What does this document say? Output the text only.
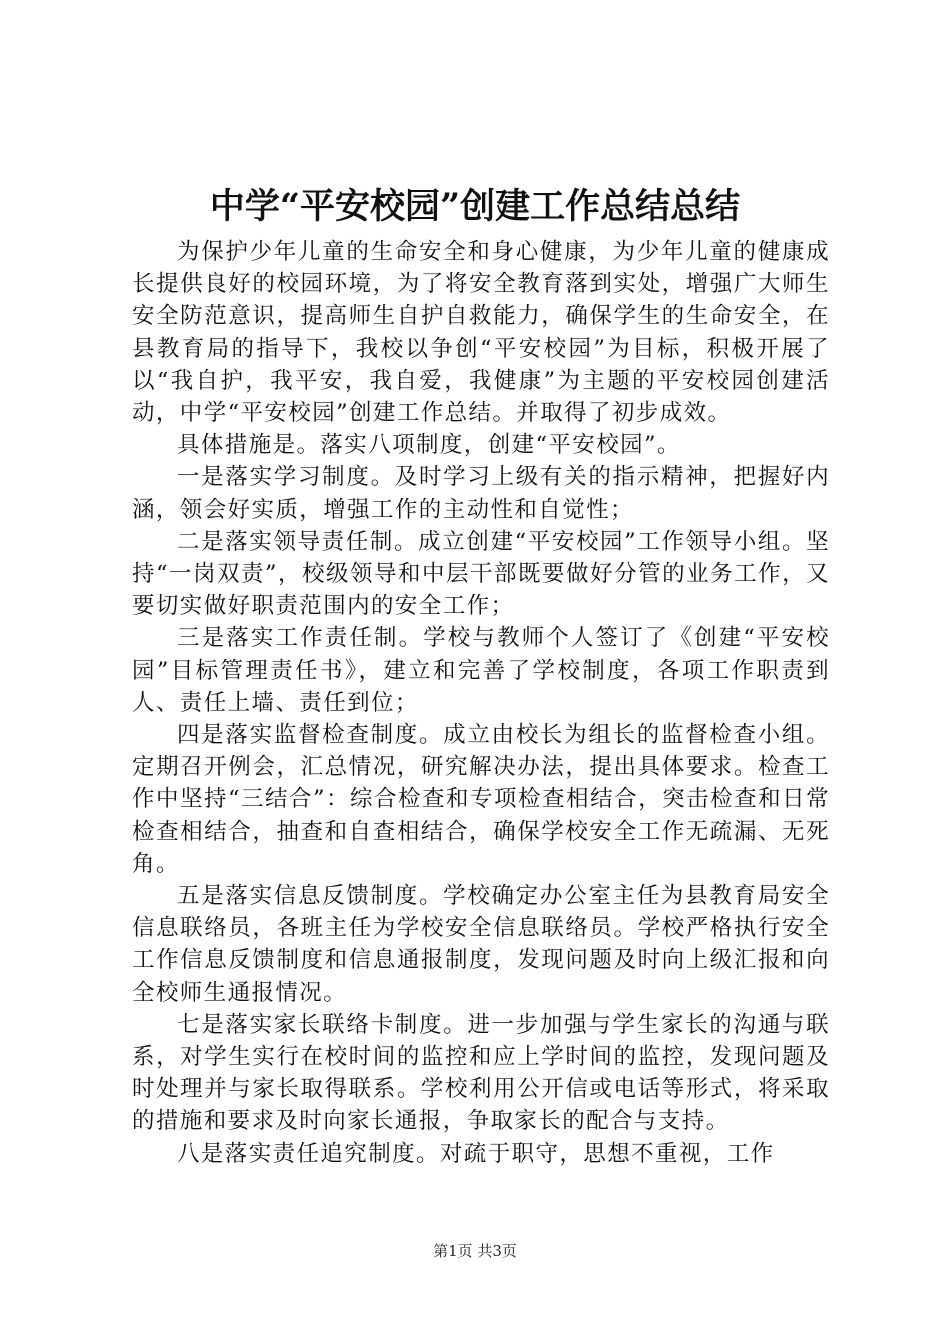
中学“平安校园”创建工作总结总结

为保护少年儿童的生命安全和身心健康，为少年儿童的健康成长提供良好的校园环境，为了将安全教育落到实处，增强广大师生安全防范意识，提高师生自护自救能力，确保学生的生命安全，在县教育局的指导下，我校以争创“平安校园”为目标，积极开展了以“我自护，我平安，我自爱，我健康”为主题的平安校园创建活动，中学“平安校园”创建工作总结。并取得了初步成效。

具体措施是。落实八项制度，创建“平安校园”。

一是落实学习制度。及时学习上级有关的指示精神，把握好内涵，领会好实质，增强工作的主动性和自觉性；

二是落实领导责任制。成立创建“平安校园”工作领导小组。坚持“一岗双责”，校级领导和中层干部既要做好分管的业务工作，又要切实做好职责范围内的安全工作；

三是落实工作责任制。学校与教师个人签订了《创建“平安校园”目标管理责任书》，建立和完善了学校制度，各项工作职责到人、责任上墙、责任到位；

四是落实监督检查制度。成立由校长为组长的监督检查小组。定期召开例会，汇总情况，研究解决办法，提出具体要求。检查工作中坚持“三结合”：综合检查和专项检查相结合，突击检查和日常检查相结合，抽查和自查相结合，确保学校安全工作无疏漏、无死角。

五是落实信息反馈制度。学校确定办公室主任为县教育局安全信息联络员，各班主任为学校安全信息联络员。学校严格执行安全工作信息反馈制度和信息通报制度，发现问题及时向上级汇报和向全校师生通报情况。

七是落实家长联络卡制度。进一步加强与学生家长的沟通与联系，对学生实行在校时间的监控和应上学时间的监控，发现问题及时处理并与家长取得联系。学校利用公开信或电话等形式，将采取的措施和要求及时向家长通报，争取家长的配合与支持。

八是落实责任追究制度。对疏于职守，思想不重视，工作

第1页 共3页
